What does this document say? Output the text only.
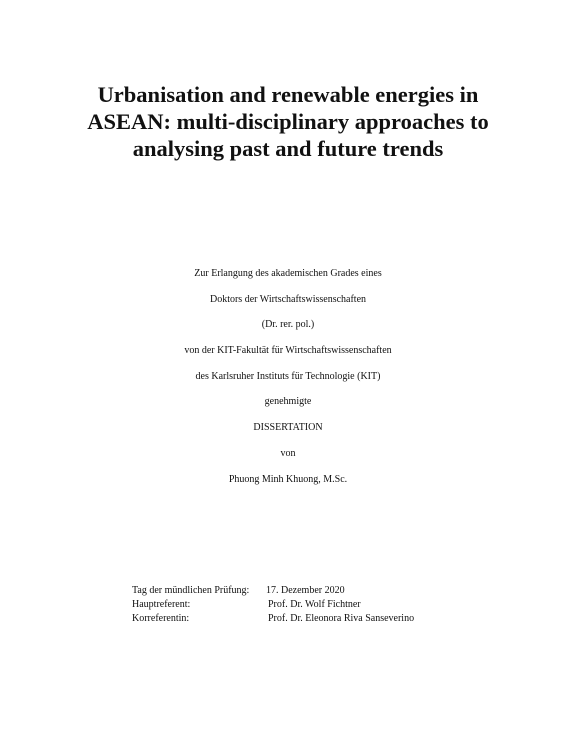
Urbanisation and renewable energies in
ASEAN: multi-disciplinary approaches to
analysing past and future trends
Zur Erlangung des akademischen Grades eines
Doktors der Wirtschaftswissenschaften
(Dr. rer. pol.)
von der KIT-Fakultät für Wirtschaftswissenschaften
des Karlsruher Instituts für Technologie (KIT)
genehmigte
DISSERTATION
von
Phuong Minh Khuong, M.Sc.
Tag der mündlichen Prüfung: 17. Dezember 2020
Hauptreferent:	Prof. Dr. Wolf Fichtner
Korreferentin:	Prof. Dr. Eleonora Riva Sanseverino
